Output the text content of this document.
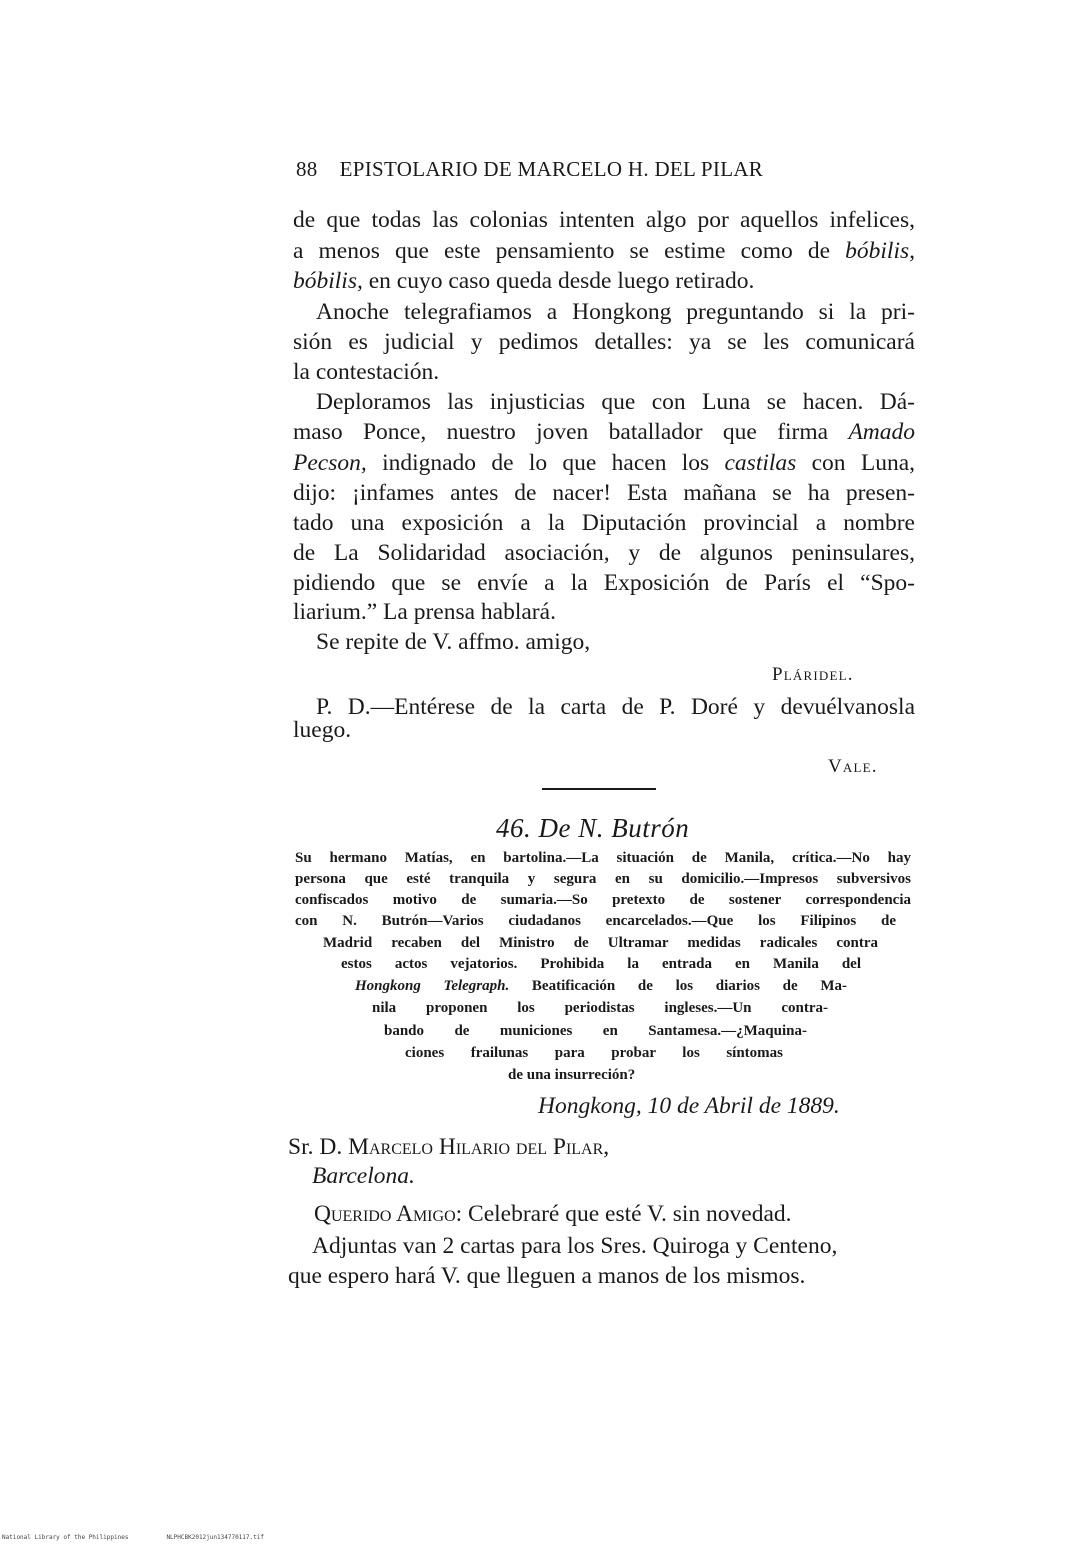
88 EPISTOLARIO DE MARCELO H. DEL PILAR
de que todas las colonias intenten algo por aquellos infelices,
a menos que este pensamiento se estime como de bóbilis,
bóbilis, en cuyo caso queda desde luego retirado.
Anoche telegrafiamos a Hongkong preguntando si la pri-
sión es judicial y pedimos detalles: ya se les comunicará
la contestación.
Deploramos las injusticias que con Luna se hacen. Dá-
maso Ponce, nuestro joven batallador que firma Amado
Pecson, indignado de lo que hacen los castilas con Luna,
dijo: ¡infames antes de nacer! Esta mañana se ha presen-
tado una exposición a la Diputación provincial a nombre
de La Solidaridad asociación, y de algunos peninsulares,
pidiendo que se envíe a la Exposición de París el “Spo-
liarium.” La prensa hablará.
Se repite de V. affmo. amigo,
Pláridel.
P. D.—Entérese de la carta de P. Doré y devuélvanosla
luego.
Vale.
46. De N. Butrón
Su hermano Matías, en bartolina.—La situación de Manila, crítica.—No hay
persona que esté tranquila y segura en su domicilio.—Impresos subversivos
confiscados motivo de sumaria.—So pretexto de sostener correspondencia
con N. Butrón—Varios ciudadanos encarcelados.—Que los Filipinos de
Madrid recaben del Ministro de Ultramar medidas radicales contra
estos actos vejatorios. Prohibida la entrada en Manila del
Hongkong Telegraph. Beatificación de los diarios de Ma-
nila proponen los periodistas ingleses.—Un contra-
bando de municiones en Santamesa.—¿Maquina-
ciones frailunas para probar los síntomas
de una insurreción?
Hongkong, 10 de Abril de 1889.
Sr. D. Marcelo Hilario del Pilar,
Barcelona.
Querido Amigo: Celebraré que esté V. sin novedad.
Adjuntas van 2 cartas para los Sres. Quiroga y Centeno,
que espero hará V. que lleguen a manos de los mismos.
National Library of the Philippines	NLPHCBK2012jun134770117.tif
